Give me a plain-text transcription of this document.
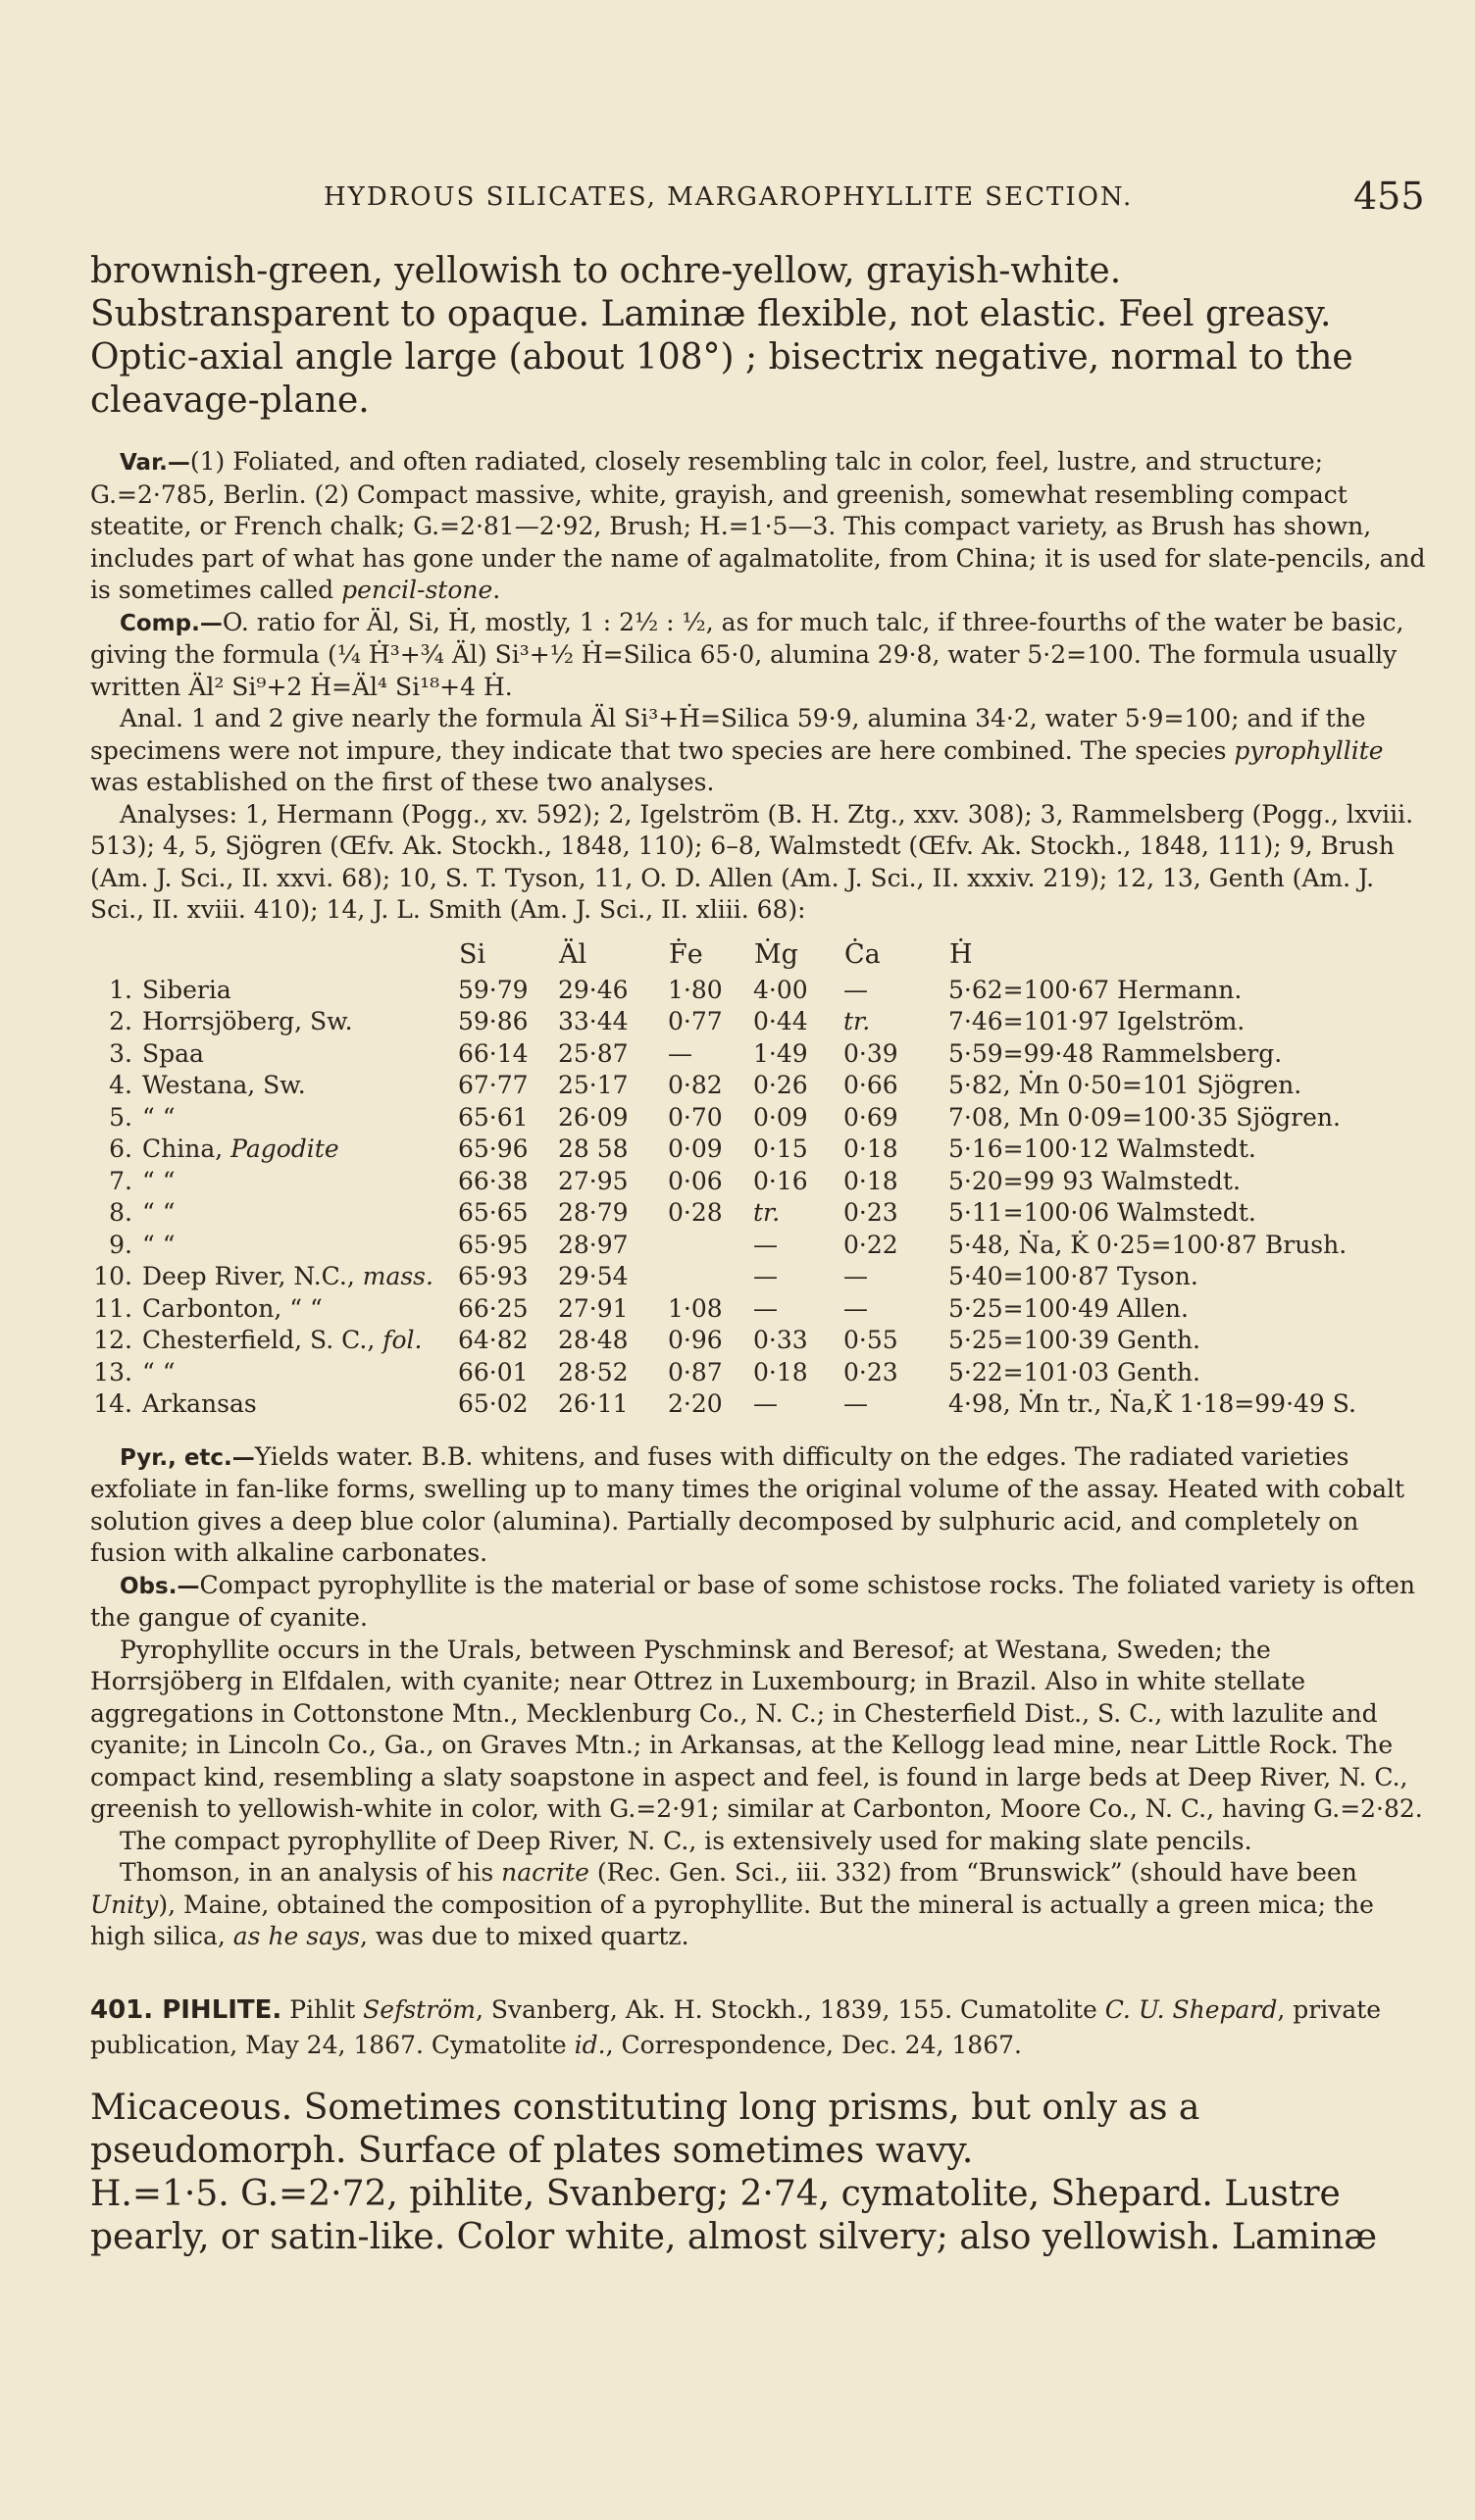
HYDROUS SILICATES, MARGAROPHYLLITE SECTION.	455

brownish-green, yellowish to ochre-yellow, grayish-white. Substransparent to opaque. Laminæ flexible, not elastic. Feel greasy. Optic-axial angle large (about 108°) ; bisectrix negative, normal to the cleavage-plane.

Var.—(1) Foliated, and often radiated, closely resembling talc in color, feel, lustre, and structure; G.=2·785, Berlin. (2) Compact massive, white, grayish, and greenish, somewhat resembling compact steatite, or French chalk; G.=2·81—2·92, Brush; H.=1·5—3. This compact variety, as Brush has shown, includes part of what has gone under the name of agalmatolite, from China; it is used for slate-pencils, and is sometimes called pencil-stone.

Comp.—O. ratio for Äl, Si, Ḣ, mostly, 1 : 2½ : ½, as for much talc, if three-fourths of the water be basic, giving the formula (¼ Ḣ³+¾ Äl) Si³+½ Ḣ=Silica 65·0, alumina 29·8, water 5·2=100. The formula usually written Äl² Si⁹+2 Ḣ=Äl⁴ Si¹⁸+4 Ḣ.

Anal. 1 and 2 give nearly the formula Äl Si³+Ḣ=Silica 59·9, alumina 34·2, water 5·9=100; and if the specimens were not impure, they indicate that two species are here combined. The species pyrophyllite was established on the first of these two analyses.

Analyses: 1, Hermann (Pogg., xv. 592); 2, Igelström (B. H. Ztg., xxv. 308); 3, Rammelsberg (Pogg., lxviii. 513); 4, 5, Sjögren (Œfv. Ak. Stockh., 1848, 110); 6–8, Walmstedt (Œfv. Ak. Stockh., 1848, 111); 9, Brush (Am. J. Sci., II. xxvi. 68); 10, S. T. Tyson, 11, O. D. Allen (Am. J. Sci., II. xxxiv. 219); 12, 13, Genth (Am. J. Sci., II. xviii. 410); 14, J. L. Smith (Am. J. Sci., II. xliii. 68):

		Si	Äl	Ḟe	Ṁg	Ċa	Ḣ
1.	Siberia	59·79	29·46	1·80	4·00	—	5·62=100·67 Hermann.
2.	Horrsjöberg, Sw.	59·86	33·44	0·77	0·44	tr.	7·46=101·97 Igelström.
3.	Spaa	66·14	25·87	—	1·49	0·39	5·59=99·48 Rammelsberg.
4.	Westana, Sw.	67·77	25·17	0·82	0·26	0·66	5·82, Ṁn 0·50=101 Sjögren.
5.	“ “	65·61	26·09	0·70	0·09	0·69	7·08, Mn 0·09=100·35 Sjögren.
6.	China, Pagodite	65·96	28 58	0·09	0·15	0·18	5·16=100·12 Walmstedt.
7.	“ “	66·38	27·95	0·06	0·16	0·18	5·20=99 93 Walmstedt.
8.	“ “	65·65	28·79	0·28	tr.	0·23	5·11=100·06 Walmstedt.
9.	“ “	65·95	28·97		—	0·22	5·48, Ṅa, K̇ 0·25=100·87 Brush.
10.	Deep River, N.C., mass.	65·93	29·54		—	—	5·40=100·87 Tyson.
11.	Carbonton, “ “	66·25	27·91	1·08	—	—	5·25=100·49 Allen.
12.	Chesterfield, S. C., fol.	64·82	28·48	0·96	0·33	0·55	5·25=100·39 Genth.
13.	“ “	66·01	28·52	0·87	0·18	0·23	5·22=101·03 Genth.
14.	Arkansas	65·02	26·11	2·20	—	—	4·98, Ṁn tr., Ṅa,K̇ 1·18=99·49 S.

Pyr., etc.—Yields water. B.B. whitens, and fuses with difficulty on the edges. The radiated varieties exfoliate in fan-like forms, swelling up to many times the original volume of the assay. Heated with cobalt solution gives a deep blue color (alumina). Partially decomposed by sulphuric acid, and completely on fusion with alkaline carbonates.

Obs.—Compact pyrophyllite is the material or base of some schistose rocks. The foliated variety is often the gangue of cyanite.

Pyrophyllite occurs in the Urals, between Pyschminsk and Beresof; at Westana, Sweden; the Horrsjöberg in Elfdalen, with cyanite; near Ottrez in Luxembourg; in Brazil. Also in white stellate aggregations in Cottonstone Mtn., Mecklenburg Co., N. C.; in Chesterfield Dist., S. C., with lazulite and cyanite; in Lincoln Co., Ga., on Graves Mtn.; in Arkansas, at the Kellogg lead mine, near Little Rock. The compact kind, resembling a slaty soapstone in aspect and feel, is found in large beds at Deep River, N. C., greenish to yellowish-white in color, with G.=2·91; similar at Carbonton, Moore Co., N. C., having G.=2·82.

The compact pyrophyllite of Deep River, N. C., is extensively used for making slate pencils.

Thomson, in an analysis of his nacrite (Rec. Gen. Sci., iii. 332) from “Brunswick” (should have been Unity), Maine, obtained the composition of a pyrophyllite. But the mineral is actually a green mica; the high silica, as he says, was due to mixed quartz.

401. PIHLITE. Pihlit Sefström, Svanberg, Ak. H. Stockh., 1839, 155. Cumatolite C. U. Shepard, private publication, May 24, 1867. Cymatolite id., Correspondence, Dec. 24, 1867.

Micaceous. Sometimes constituting long prisms, but only as a pseudomorph. Surface of plates sometimes wavy.

H.=1·5. G.=2·72, pihlite, Svanberg; 2·74, cymatolite, Shepard. Lustre pearly, or satin-like. Color white, almost silvery; also yellowish. Laminæ
